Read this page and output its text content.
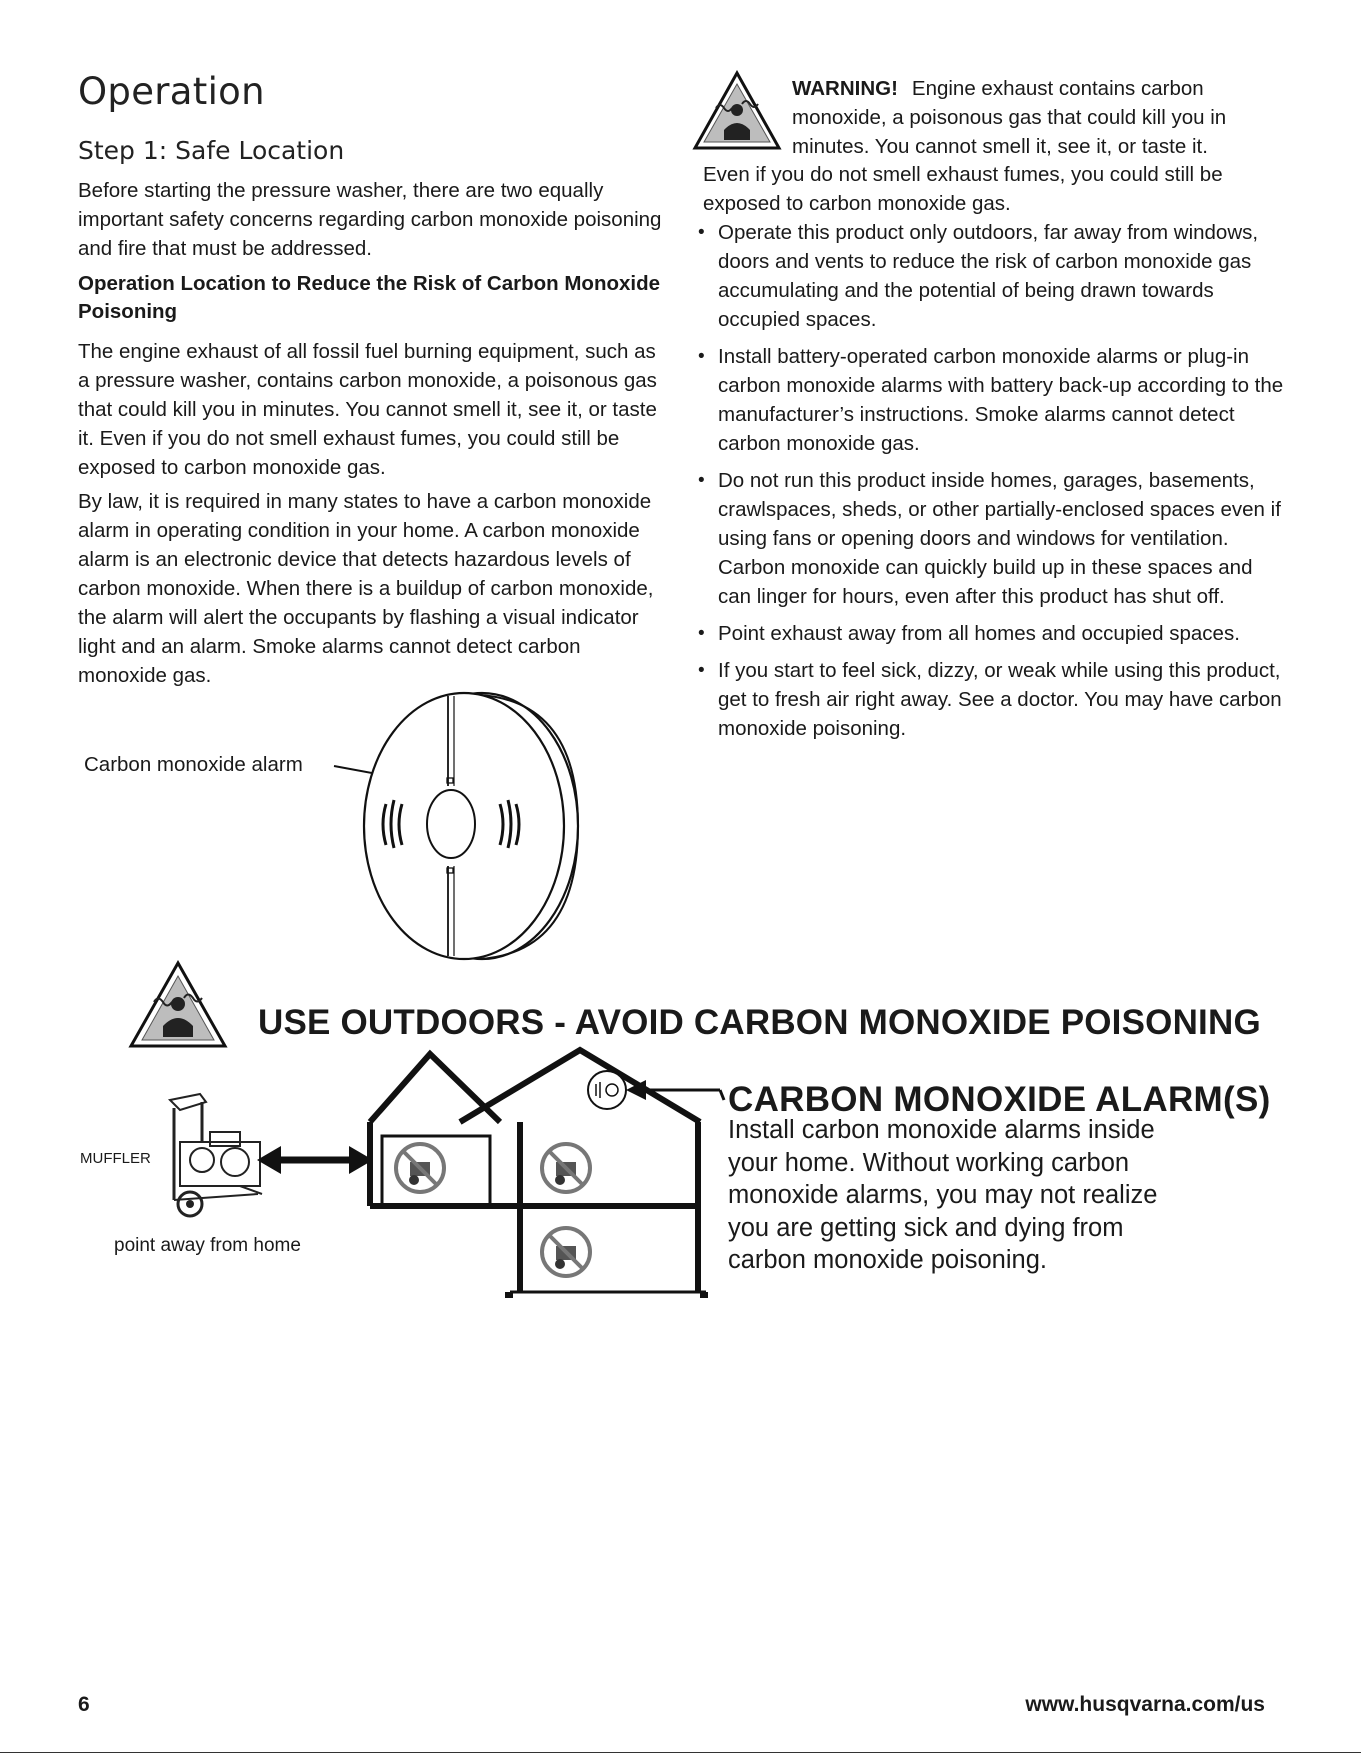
Operation
Step 1: Safe Location

Before starting the pressure washer, there are two equally important safety concerns regarding carbon monoxide poisoning and fire that must be addressed.

Operation Location to Reduce the Risk of Carbon Monoxide Poisoning

The engine exhaust of all fossil fuel burning equipment, such as a pressure washer, contains carbon monoxide, a poisonous gas that could kill you in minutes. You cannot smell it, see it, or taste it. Even if you do not smell exhaust fumes, you could still be exposed to carbon monoxide gas.

By law, it is required in many states to have a carbon monoxide alarm in operating condition in your home. A carbon monoxide alarm is an electronic device that detects hazardous levels of carbon monoxide. When there is a buildup of carbon monoxide, the alarm will alert the occupants by flashing a visual indicator light and an alarm. Smoke alarms cannot detect carbon monoxide gas.

Carbon monoxide alarm

WARNING! Engine exhaust contains carbon monoxide, a poisonous gas that could kill you in minutes. You cannot smell it, see it, or taste it.

Even if you do not smell exhaust fumes, you could still be exposed to carbon monoxide gas.

• Operate this product only outdoors, far away from windows, doors and vents to reduce the risk of carbon monoxide gas accumulating and the potential of being drawn towards occupied spaces.
• Install battery-operated carbon monoxide alarms or plug-in carbon monoxide alarms with battery back-up according to the manufacturer’s instructions. Smoke alarms cannot detect carbon monoxide gas.
• Do not run this product inside homes, garages, basements, crawlspaces, sheds, or other partially-enclosed spaces even if using fans or opening doors and windows for ventilation. Carbon monoxide can quickly build up in these spaces and can linger for hours, even after this product has shut off.
• Point exhaust away from all homes and occupied spaces.
• If you start to feel sick, dizzy, or weak while using this product, get to fresh air right away. See a doctor. You may have carbon monoxide poisoning.
USE OUTDOORS - AVOID CARBON MONOXIDE POISONING
MUFFLER
point away from home
CARBON MONOXIDE ALARM(S)

Install carbon monoxide alarms inside your home. Without working carbon monoxide alarms, you may not realize you are getting sick and dying from carbon monoxide poisoning.

6	www.husqvarna.com/us
